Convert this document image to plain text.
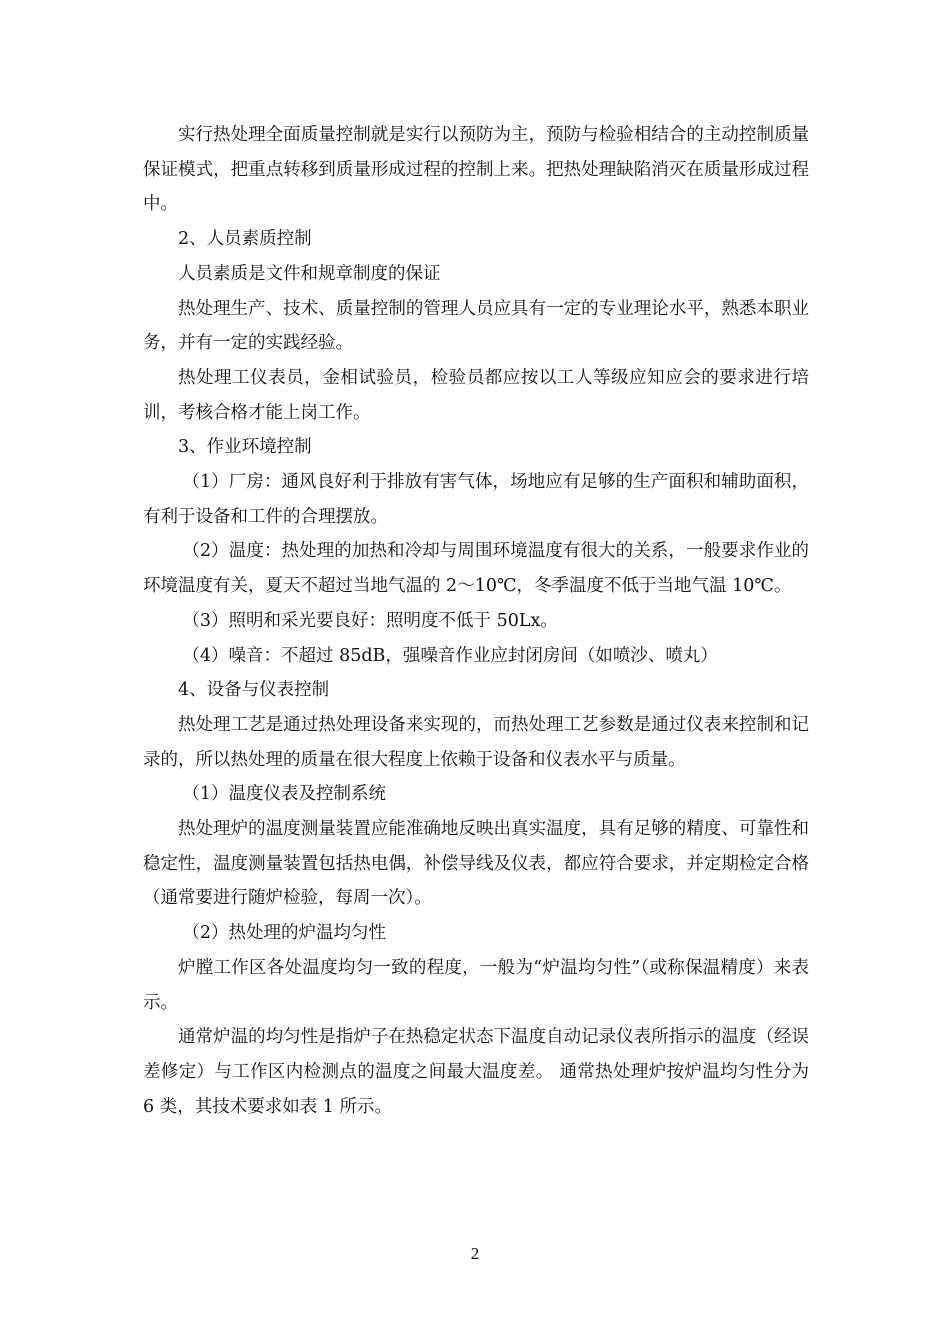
实行热处理全面质量控制就是实行以预防为主，预防与检验相结合的主动控制质量保证模式，把重点转移到质量形成过程的控制上来。把热处理缺陷消灭在质量形成过程中。

2、人员素质控制

人员素质是文件和规章制度的保证

热处理生产、技术、质量控制的管理人员应具有一定的专业理论水平，熟悉本职业务，并有一定的实践经验。

热处理工仪表员，金相试验员，检验员都应按以工人等级应知应会的要求进行培训，考核合格才能上岗工作。

3、作业环境控制

（1）厂房：通风良好利于排放有害气体，场地应有足够的生产面积和辅助面积，有利于设备和工件的合理摆放。

（2）温度：热处理的加热和冷却与周围环境温度有很大的关系，一般要求作业的环境温度有关，夏天不超过当地气温的 2～10℃，冬季温度不低于当地气温 10℃。

（3）照明和采光要良好：照明度不低于 50Lx。

（4）噪音：不超过 85dB，强噪音作业应封闭房间（如喷沙、喷丸）

4、设备与仪表控制

热处理工艺是通过热处理设备来实现的，而热处理工艺参数是通过仪表来控制和记录的，所以热处理的质量在很大程度上依赖于设备和仪表水平与质量。

（1）温度仪表及控制系统

热处理炉的温度测量装置应能准确地反映出真实温度，具有足够的精度、可靠性和稳定性，温度测量装置包括热电偶，补偿导线及仪表，都应符合要求，并定期检定合格（通常要进行随炉检验，每周一次）。

（2）热处理的炉温均匀性

炉膛工作区各处温度均匀一致的程度，一般为“炉温均匀性”（或称保温精度）来表示。

通常炉温的均匀性是指炉子在热稳定状态下温度自动记录仪表所指示的温度（经误差修定）与工作区内检测点的温度之间最大温度差。 通常热处理炉按炉温均匀性分为 6 类，其技术要求如表 1 所示。

2
